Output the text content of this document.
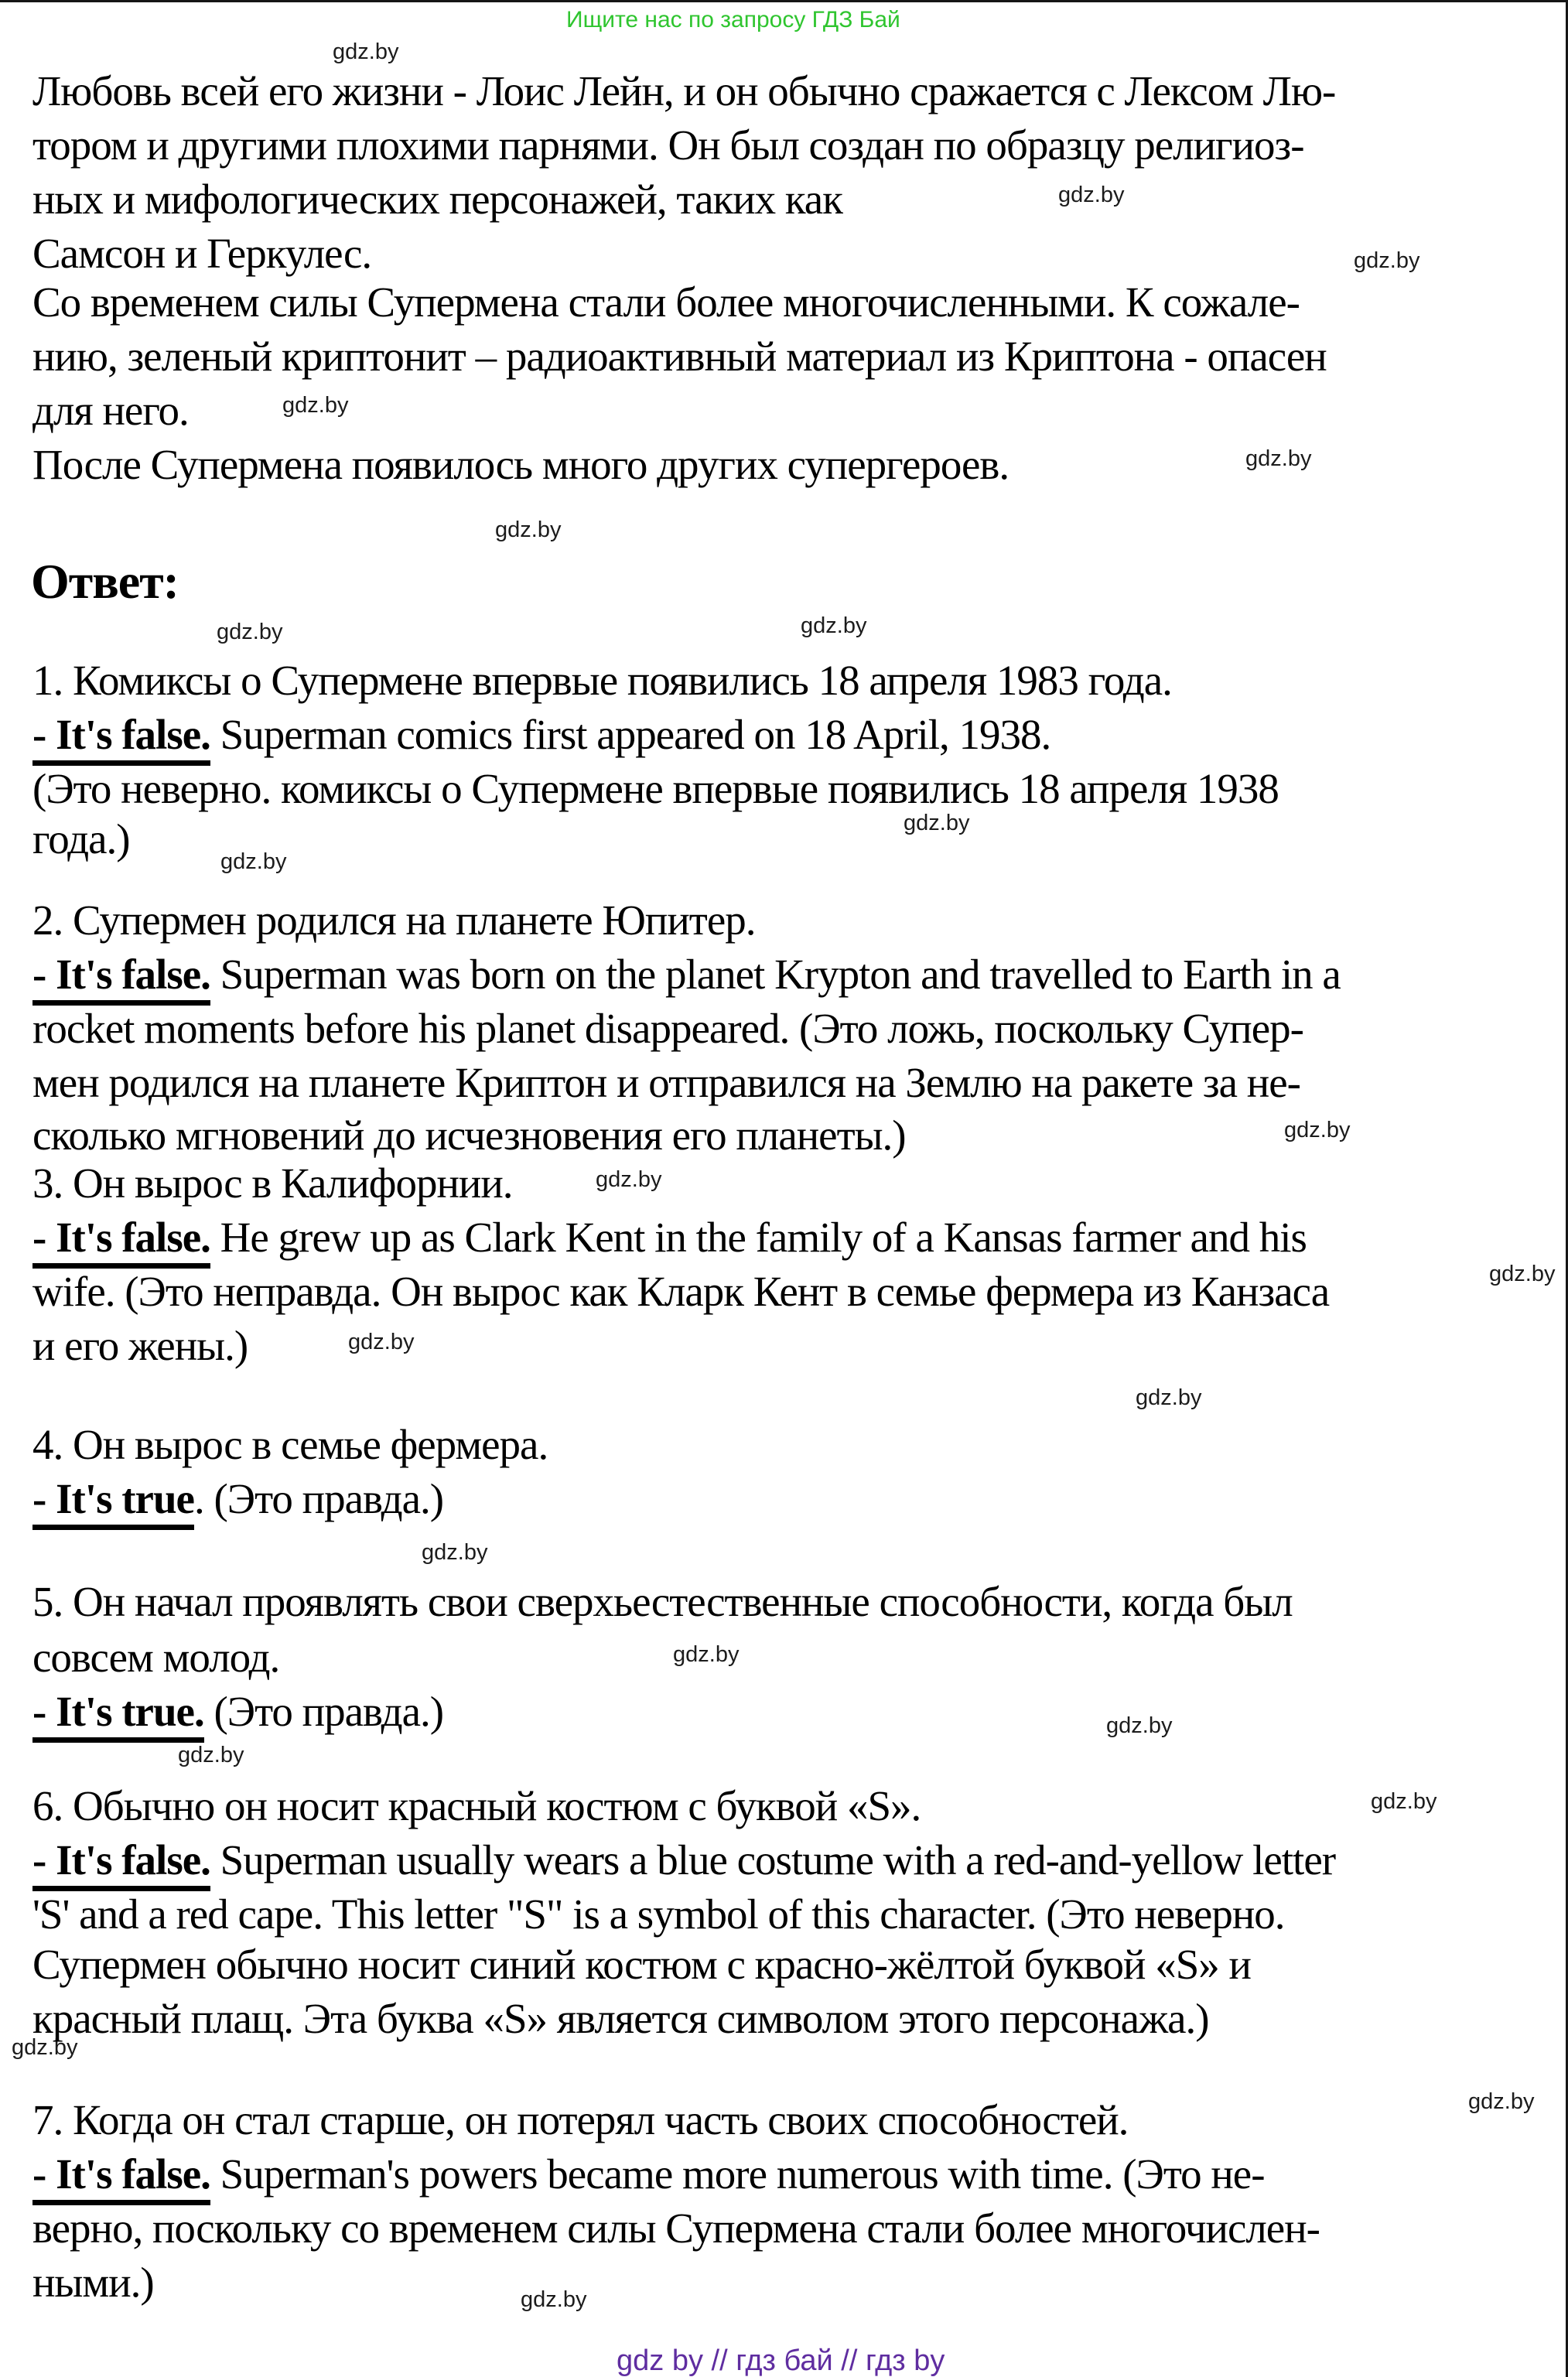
Ищите нас по запросу ГДЗ Бай
gdz.by
gdz.by
gdz.by
gdz.by
gdz.by
gdz.by
gdz.by	gdz.by
gdz.by
gdz.by
gdz.by
gdz.by
gdz.by
gdz.by
gdz.by
gdz.by
gdz.by
gdz.by
gdz.by
gdz.by
gdz.by
gdz.by
gdz.by
Любовь всей его жизни - Лоис Лейн, и он обычно сражается с Лексом Лю-
тором и другими плохими парнями. Он был создан по образцу религиоз-
ных и мифологических персонажей, таких как
Самсон и Геркулес.
Со временем силы Супермена стали более многочисленными. К сожале-
нию, зеленый криптонит – радиоактивный материал из Криптона - опасен
для него.
После Супермена появилось много других супергероев.
Ответ:
1. Комиксы о Супермене впервые появились 18 апреля 1983 года.
- It's false. Superman comics first appeared on 18 April, 1938.
(Это неверно. комиксы о Супермене впервые появились 18 апреля 1938
года.)
2. Супермен родился на планете Юпитер.
- It's false. Superman was born on the planet Krypton and travelled to Earth in a
rocket moments before his planet disappeared. (Это ложь, поскольку Супер-
мен родился на планете Криптон и отправился на Землю на ракете за не-
сколько мгновений до исчезновения его планеты.)
3. Он вырос в Калифорнии.
- It's false. He grew up as Clark Kent in the family of a Kansas farmer and his
wife. (Это неправда. Он вырос как Кларк Кент в семье фермера из Канзаса
и его жены.)
4. Он вырос в семье фермера.
- It's true. (Это правда.)
5. Он начал проявлять свои сверхьестественные способности, когда был
совсем молод.
- It's true. (Это правда.)
6. Обычно он носит красный костюм с буквой «S».
- It's false. Superman usually wears a blue costume with a red-and-yellow letter
'S' and a red cape. This letter "S" is a symbol of this character. (Это неверно.
Супермен обычно носит синий костюм с красно-жёлтой буквой «S» и
красный плащ. Эта буква «S» является символом этого персонажа.)
7. Когда он стал старше, он потерял часть своих способностей.
- It's false. Superman's powers became more numerous with time. (Это не-
верно, поскольку со временем силы Супермена стали более многочислен-
ными.)
gdz by // гдз бай // гдз by
